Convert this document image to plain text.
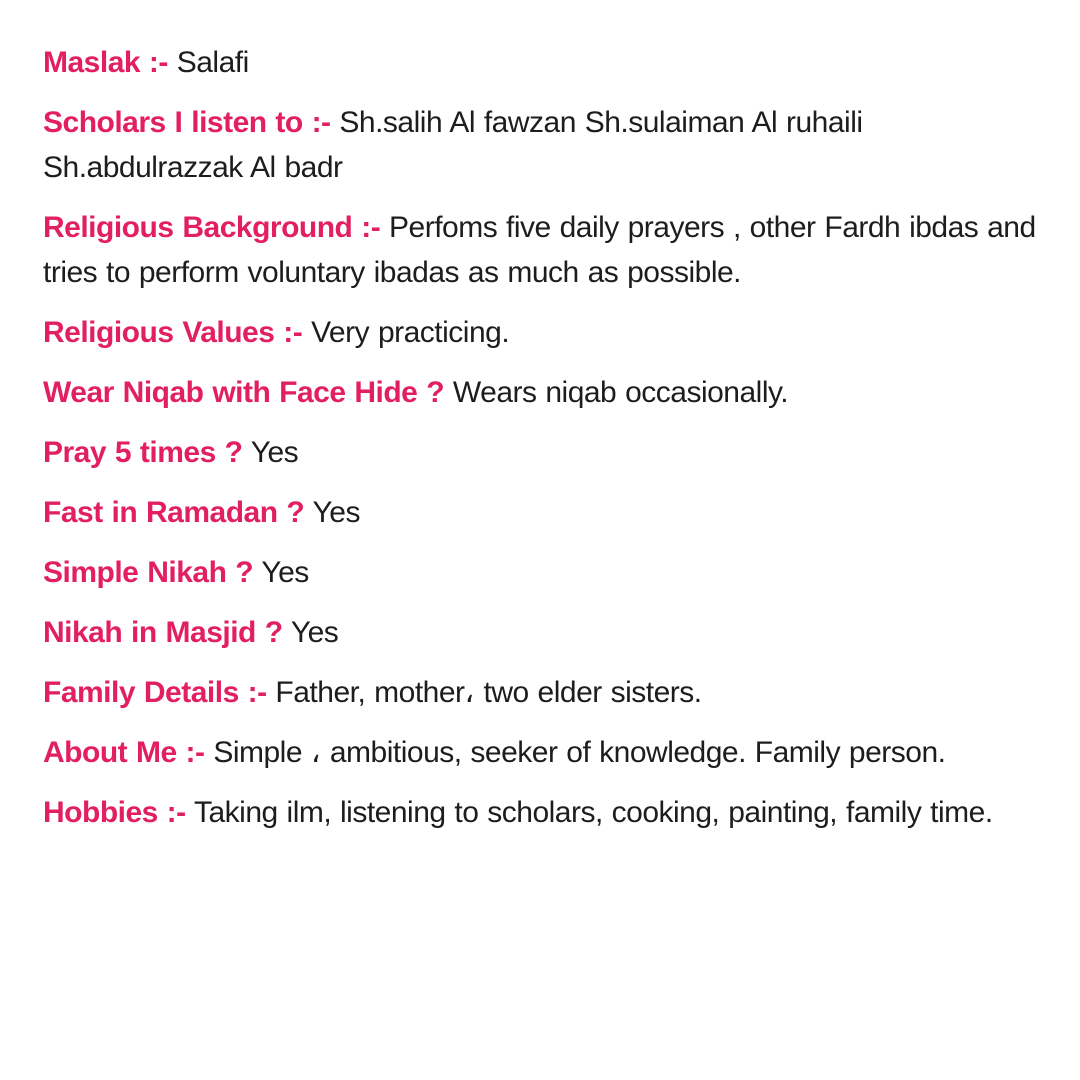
Maslak :- Salafi

Scholars I listen to :- Sh.salih Al fawzan Sh.sulaiman Al ruhaili Sh.abdulrazzak Al badr

Religious Background :- Perfoms five daily prayers , other Fardh ibdas and tries to perform voluntary ibadas as much as possible.

Religious Values :- Very practicing.

Wear Niqab with Face Hide ? Wears niqab occasionally.

Pray 5 times ? Yes

Fast in Ramadan ? Yes

Simple Nikah ? Yes

Nikah in Masjid ? Yes

Family Details :- Father, mother، two elder sisters.

About Me :- Simple ، ambitious, seeker of knowledge. Family person.

Hobbies :- Taking ilm, listening to scholars, cooking, painting, family time.
